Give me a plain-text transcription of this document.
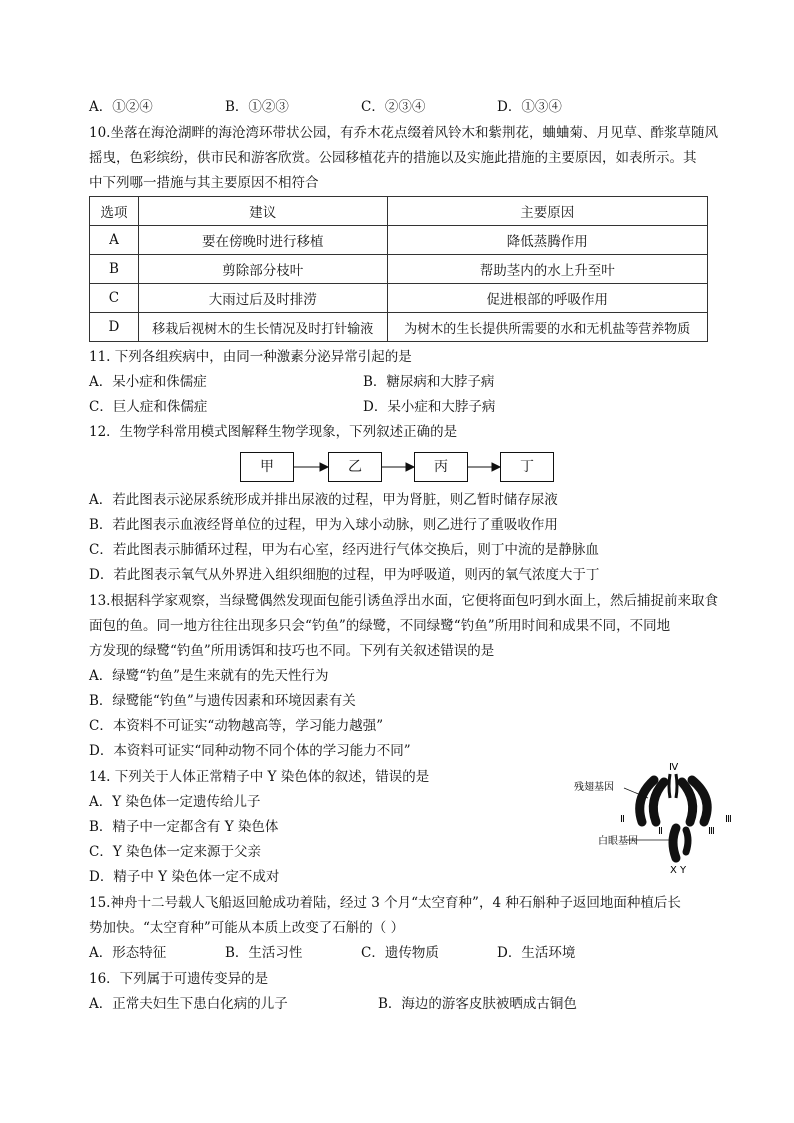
A．①②④	B．①②③	C．②③④	D．①③④
10.坐落在海沧湖畔的海沧湾环带状公园，有乔木花点缀着风铃木和紫荆花，蛐蛐菊、月见草、酢浆草随风
摇曳，色彩缤纷，供市民和游客欣赏。公园移植花卉的措施以及实施此措施的主要原因，如表所示。其
中下列哪一措施与其主要原因不相符合
选项	建议	主要原因
A	要在傍晚时进行移植	降低蒸腾作用
B	剪除部分枝叶	帮助茎内的水上升至叶
C	大雨过后及时排涝	促进根部的呼吸作用
D	移栽后视树木的生长情况及时打针输液	为树木的生长提供所需要的水和无机盐等营养物质
11. 下列各组疾病中，由同一种激素分泌异常引起的是
A．呆小症和侏儒症	B．糖尿病和大脖子病
C．巨人症和侏儒症	D．呆小症和大脖子病
12．生物学科常用模式图解释生物学现象，下列叙述正确的是
甲	乙	丙	丁
A．若此图表示泌尿系统形成并排出尿液的过程，甲为肾脏，则乙暂时储存尿液
B．若此图表示血液经肾单位的过程，甲为入球小动脉，则乙进行了重吸收作用
C．若此图表示肺循环过程，甲为右心室，经丙进行气体交换后，则丁中流的是静脉血
D．若此图表示氧气从外界进入组织细胞的过程，甲为呼吸道，则丙的氧气浓度大于丁
13.根据科学家观察，当绿鹭偶然发现面包能引诱鱼浮出水面，它便将面包叼到水面上，然后捕捉前来取食
面包的鱼。同一地方往往出现多只会“钓鱼”的绿鹭，不同绿鹭“钓鱼”所用时间和成果不同，不同地
方发现的绿鹭“钓鱼”所用诱饵和技巧也不同。下列有关叙述错误的是
A．绿鹭“钓鱼”是生来就有的先天性行为
B．绿鹭能“钓鱼”与遗传因素和环境因素有关
C．本资料不可证实“动物越高等，学习能力越强”
D．本资料可证实“同种动物不同个体的学习能力不同”
14. 下列关于人体正常精子中 Y 染色体的叙述，错误的是
A．Y 染色体一定遗传给儿子
B．精子中一定都含有 Y 染色体
C．Y 染色体一定来源于父亲
D．精子中 Y 染色体一定不成对
残翅基因
白眼基因
Ⅳ
Ⅱ	Ⅲ
Ⅱ	Ⅲ
X Y
15.神舟十二号载人飞船返回舱成功着陆，经过 3 个月“太空育种”，4 种石斛种子返回地面种植后长
势加快。“太空育种”可能从本质上改变了石斛的（ ）
A．形态特征	B．生活习性	C．遗传物质	D．生活环境
16．下列属于可遗传变异的是
A．正常夫妇生下患白化病的儿子	B．海边的游客皮肤被晒成古铜色
